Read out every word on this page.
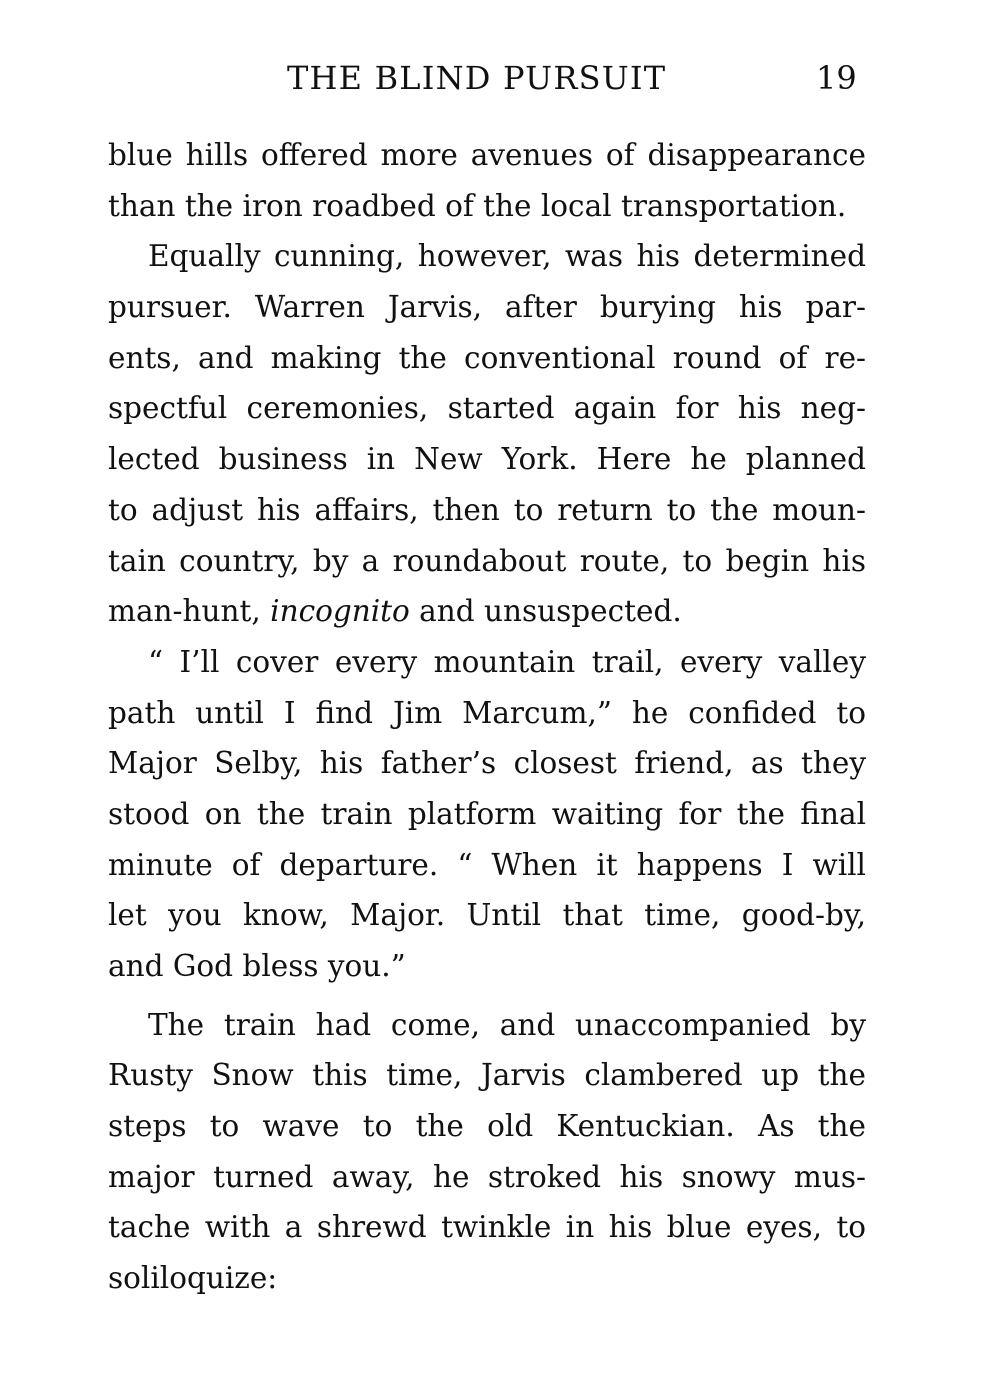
THE BLIND PURSUIT	19
blue hills offered more avenues of disappearance
than the iron roadbed of the local transportation.
Equally cunning, however, was his determined
pursuer. Warren Jarvis, after burying his par-
ents, and making the conventional round of re-
spectful ceremonies, started again for his neg-
lected business in New York. Here he planned
to adjust his affairs, then to return to the moun-
tain country, by a roundabout route, to begin his
man-hunt, incognito and unsuspected.
“ I’ll cover every mountain trail, every valley
path until I find Jim Marcum,” he confided to
Major Selby, his father’s closest friend, as they
stood on the train platform waiting for the final
minute of departure. “ When it happens I will
let you know, Major. Until that time, good-by,
and God bless you.”
The train had come, and unaccompanied by
Rusty Snow this time, Jarvis clambered up the
steps to wave to the old Kentuckian. As the
major turned away, he stroked his snowy mus-
tache with a shrewd twinkle in his blue eyes, to
soliloquize:
